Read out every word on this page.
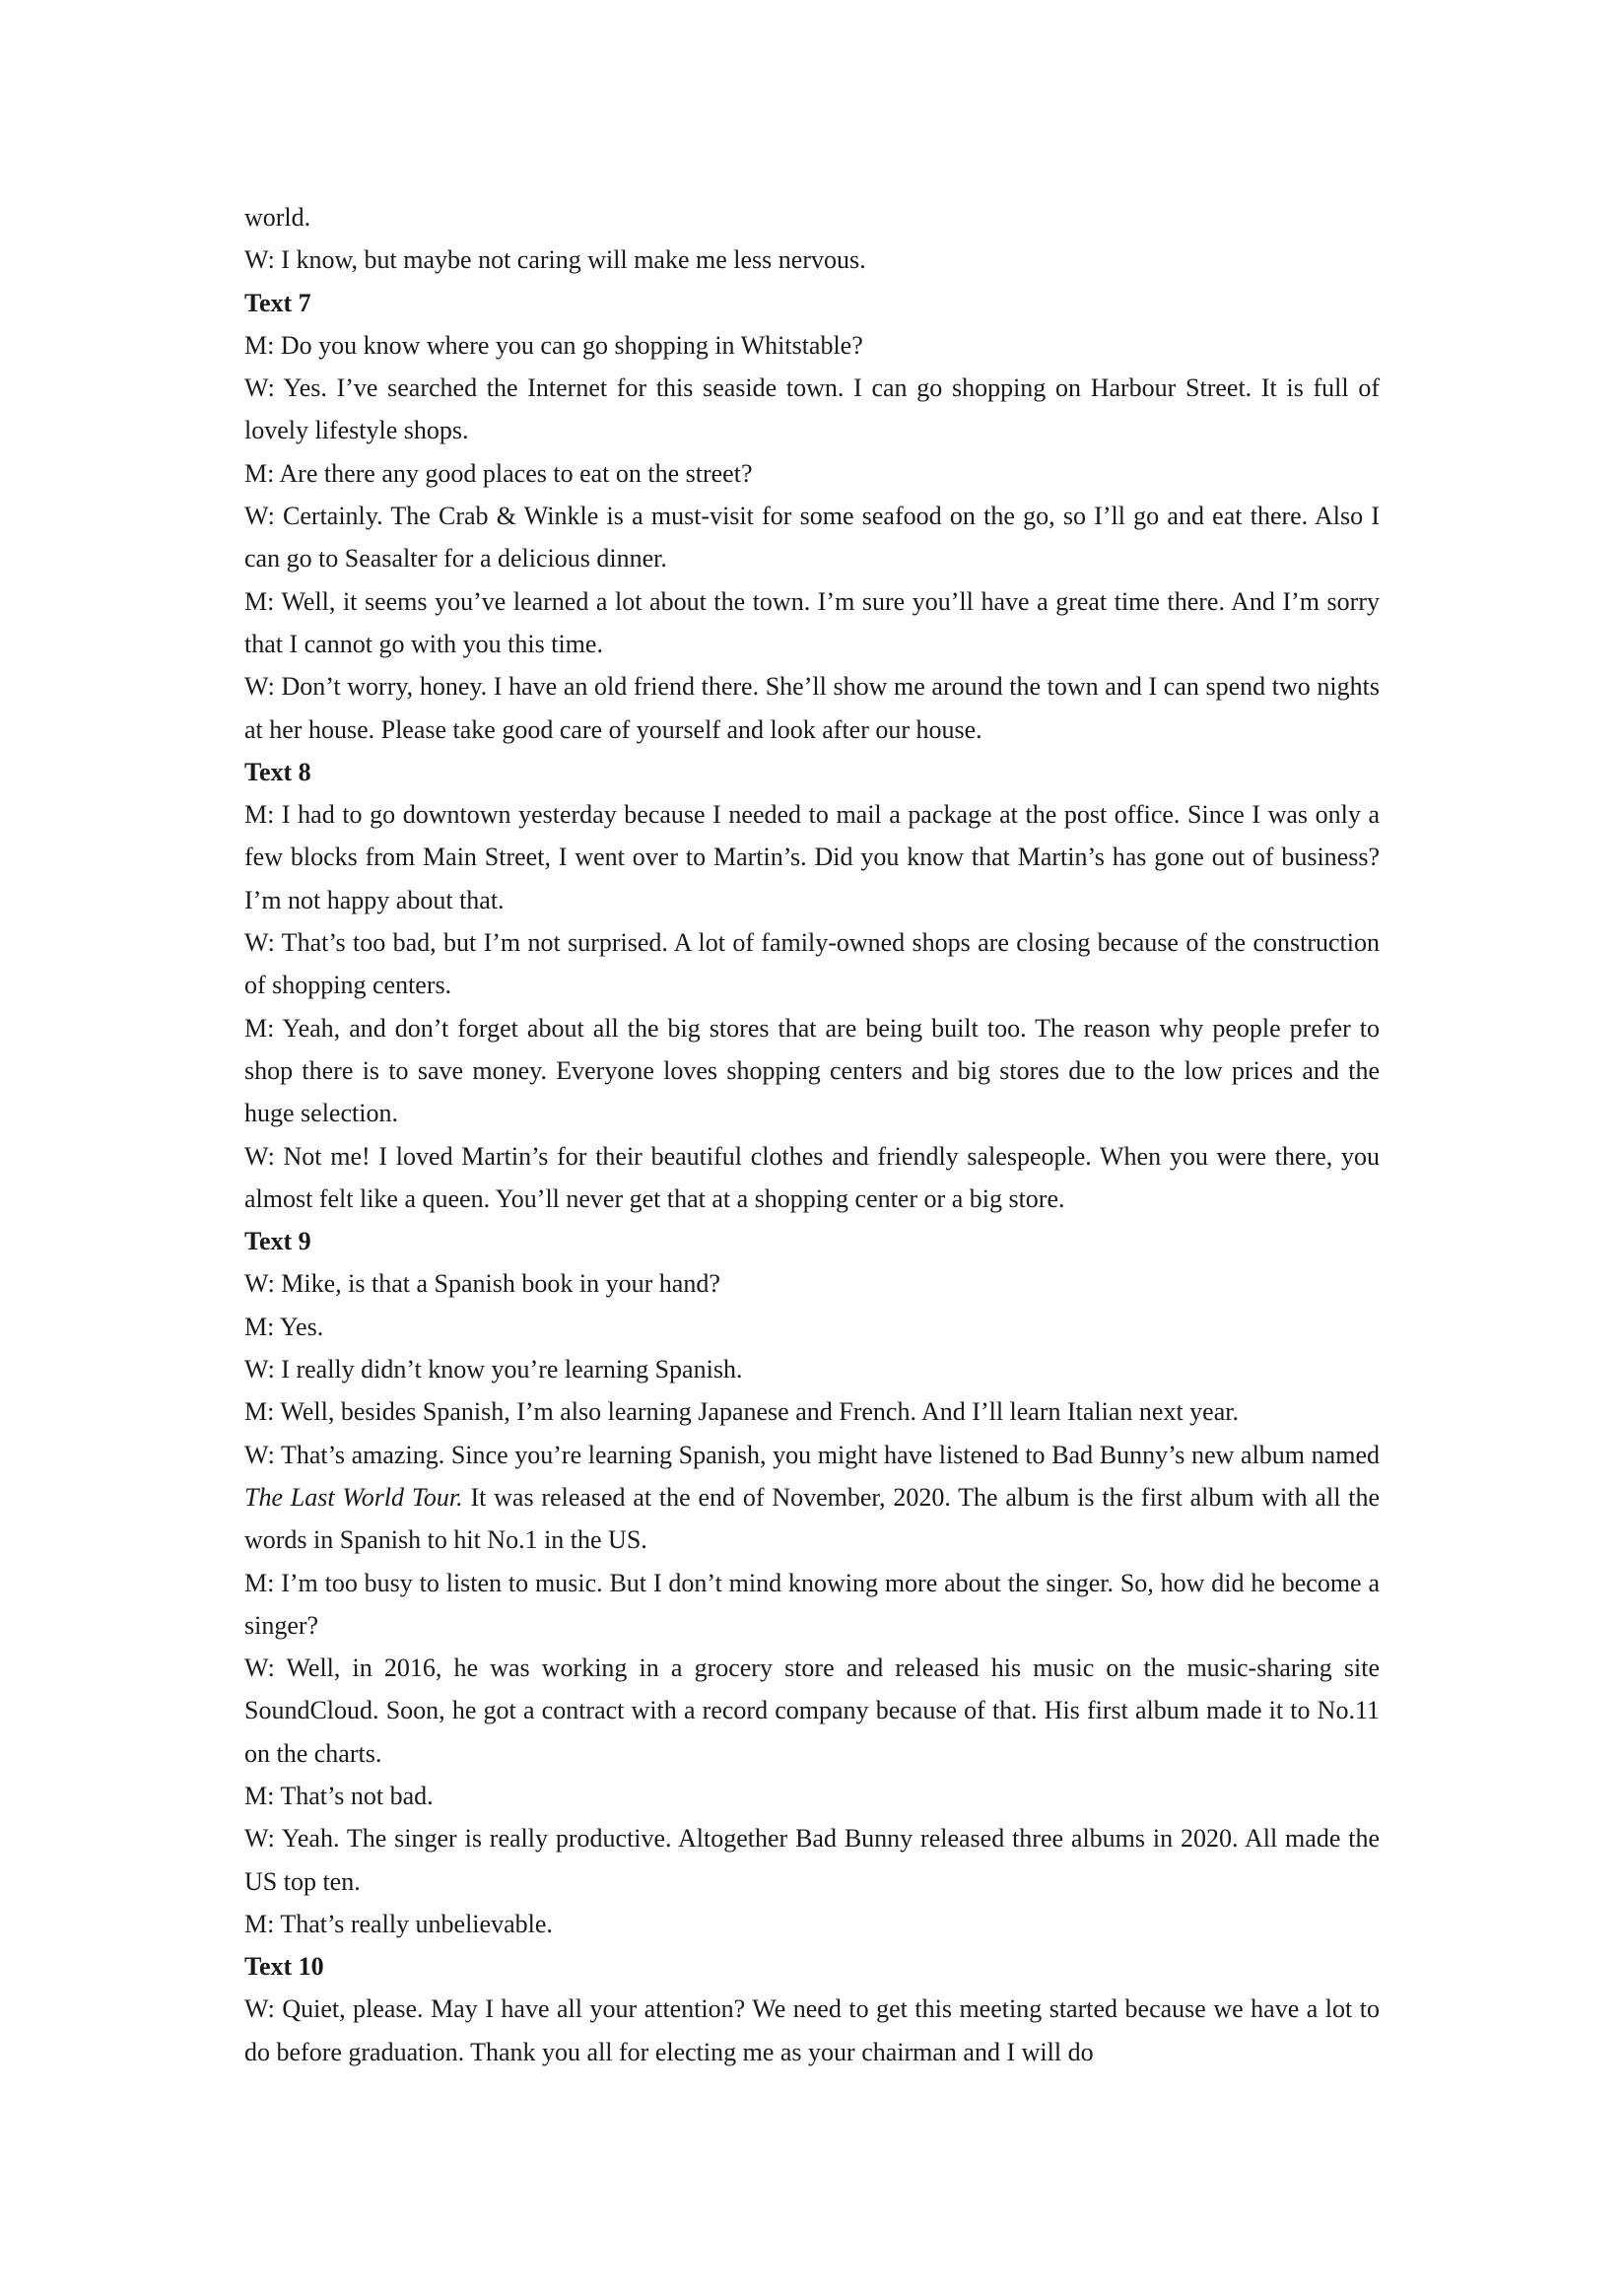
world.

W: I know, but maybe not caring will make me less nervous.

Text 7

M: Do you know where you can go shopping in Whitstable?

W: Yes. I’ve searched the Internet for this seaside town. I can go shopping on Harbour Street. It is full of lovely lifestyle shops.

M: Are there any good places to eat on the street?

W: Certainly. The Crab & Winkle is a must-visit for some seafood on the go, so I’ll go and eat there. Also I can go to Seasalter for a delicious dinner.

M: Well, it seems you’ve learned a lot about the town. I’m sure you’ll have a great time there. And I’m sorry that I cannot go with you this time.

W: Don’t worry, honey. I have an old friend there. She’ll show me around the town and I can spend two nights at her house. Please take good care of yourself and look after our house.

Text 8

M: I had to go downtown yesterday because I needed to mail a package at the post office. Since I was only a few blocks from Main Street, I went over to Martin’s. Did you know that Martin’s has gone out of business? I’m not happy about that.

W: That’s too bad, but I’m not surprised. A lot of family-owned shops are closing because of the construction of shopping centers.

M: Yeah, and don’t forget about all the big stores that are being built too. The reason why people prefer to shop there is to save money. Everyone loves shopping centers and big stores due to the low prices and the huge selection.

W: Not me! I loved Martin’s for their beautiful clothes and friendly salespeople. When you were there, you almost felt like a queen. You’ll never get that at a shopping center or a big store.

Text 9

W: Mike, is that a Spanish book in your hand?

M: Yes.

W: I really didn’t know you’re learning Spanish.

M: Well, besides Spanish, I’m also learning Japanese and French. And I’ll learn Italian next year.

W: That’s amazing. Since you’re learning Spanish, you might have listened to Bad Bunny’s new album named The Last World Tour. It was released at the end of November, 2020. The album is the first album with all the words in Spanish to hit No.1 in the US.

M: I’m too busy to listen to music. But I don’t mind knowing more about the singer. So, how did he become a singer?

W: Well, in 2016, he was working in a grocery store and released his music on the music-sharing site SoundCloud. Soon, he got a contract with a record company because of that. His first album made it to No.11 on the charts.

M: That’s not bad.

W: Yeah. The singer is really productive. Altogether Bad Bunny released three albums in 2020. All made the US top ten.

M: That’s really unbelievable.

Text 10

W: Quiet, please. May I have all your attention? We need to get this meeting started because we have a lot to do before graduation. Thank you all for electing me as your chairman and I will do
